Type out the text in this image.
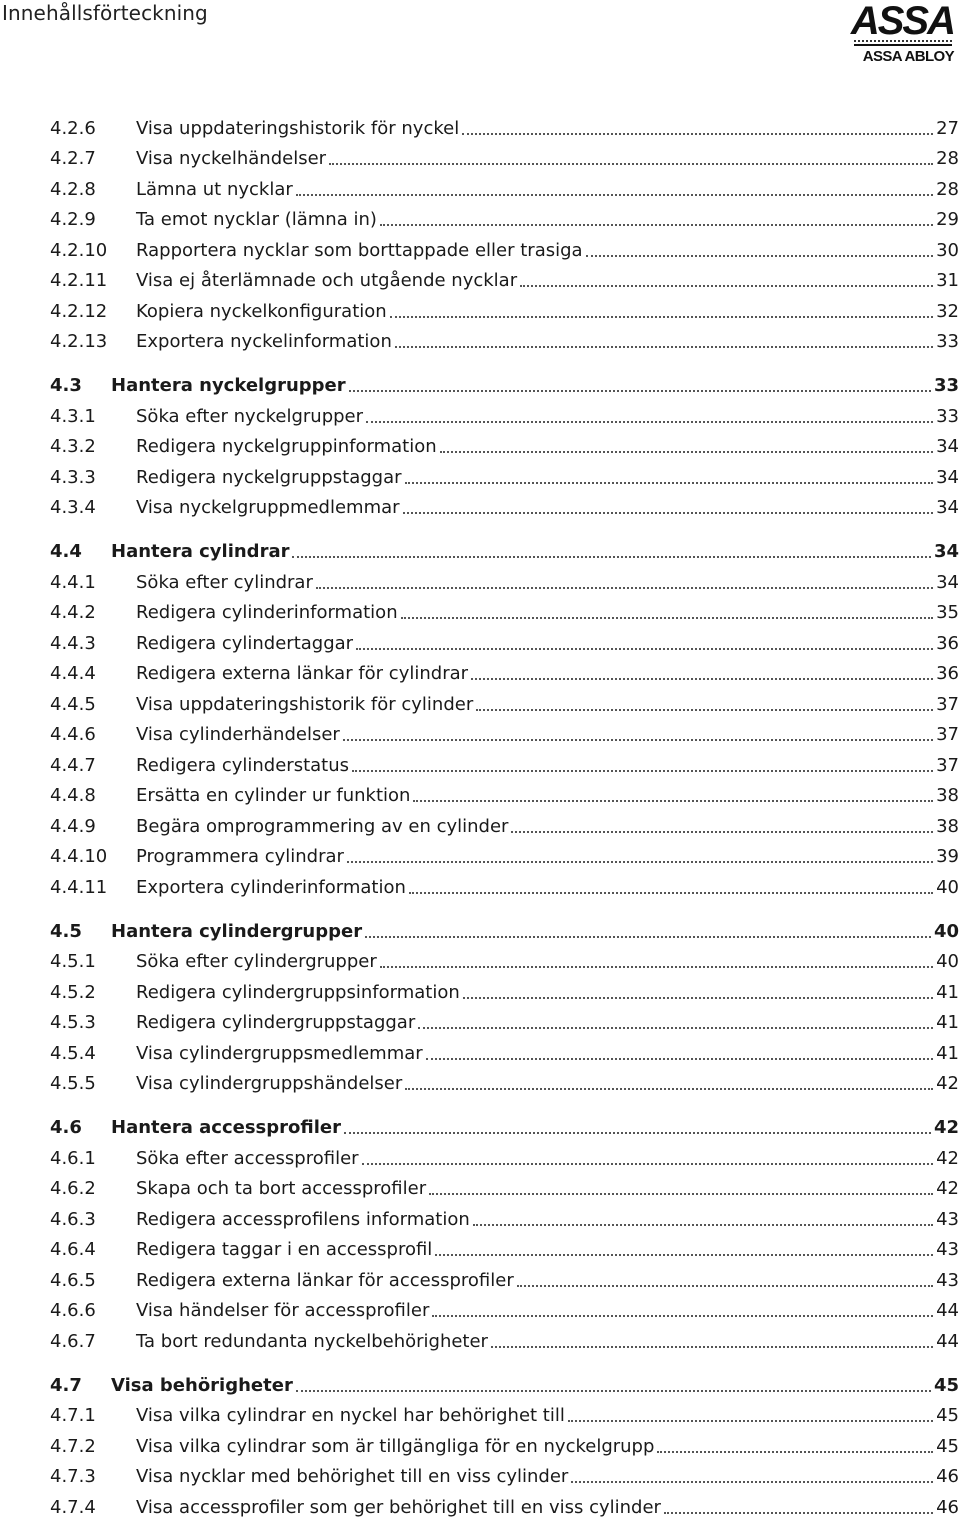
Innehållsförteckning	ASSA
ASSA ABLOY
4.2.6	Visa uppdateringshistorik för nyckel	27
4.2.7	Visa nyckelhändelser	28
4.2.8	Lämna ut nycklar	28
4.2.9	Ta emot nycklar (lämna in)	29
4.2.10	Rapportera nycklar som borttappade eller trasiga	30
4.2.11	Visa ej återlämnade och utgående nycklar	31
4.2.12	Kopiera nyckelkonfiguration	32
4.2.13	Exportera nyckelinformation	33
4.3	Hantera nyckelgrupper	33
4.3.1	Söka efter nyckelgrupper	33
4.3.2	Redigera nyckelgruppinformation	34
4.3.3	Redigera nyckelgruppstaggar	34
4.3.4	Visa nyckelgruppmedlemmar	34
4.4	Hantera cylindrar	34
4.4.1	Söka efter cylindrar	34
4.4.2	Redigera cylinderinformation	35
4.4.3	Redigera cylindertaggar	36
4.4.4	Redigera externa länkar för cylindrar	36
4.4.5	Visa uppdateringshistorik för cylinder	37
4.4.6	Visa cylinderhändelser	37
4.4.7	Redigera cylinderstatus	37
4.4.8	Ersätta en cylinder ur funktion	38
4.4.9	Begära omprogrammering av en cylinder	38
4.4.10	Programmera cylindrar	39
4.4.11	Exportera cylinderinformation	40
4.5	Hantera cylindergrupper	40
4.5.1	Söka efter cylindergrupper	40
4.5.2	Redigera cylindergruppsinformation	41
4.5.3	Redigera cylindergruppstaggar	41
4.5.4	Visa cylindergruppsmedlemmar	41
4.5.5	Visa cylindergruppshändelser	42
4.6	Hantera accessprofiler	42
4.6.1	Söka efter accessprofiler	42
4.6.2	Skapa och ta bort accessprofiler	42
4.6.3	Redigera accessprofilens information	43
4.6.4	Redigera taggar i en accessprofil	43
4.6.5	Redigera externa länkar för accessprofiler	43
4.6.6	Visa händelser för accessprofiler	44
4.6.7	Ta bort redundanta nyckelbehörigheter	44
4.7	Visa behörigheter	45
4.7.1	Visa vilka cylindrar en nyckel har behörighet till	45
4.7.2	Visa vilka cylindrar som är tillgängliga för en nyckelgrupp	45
4.7.3	Visa nycklar med behörighet till en viss cylinder	46
4.7.4	Visa accessprofiler som ger behörighet till en viss cylinder	46
